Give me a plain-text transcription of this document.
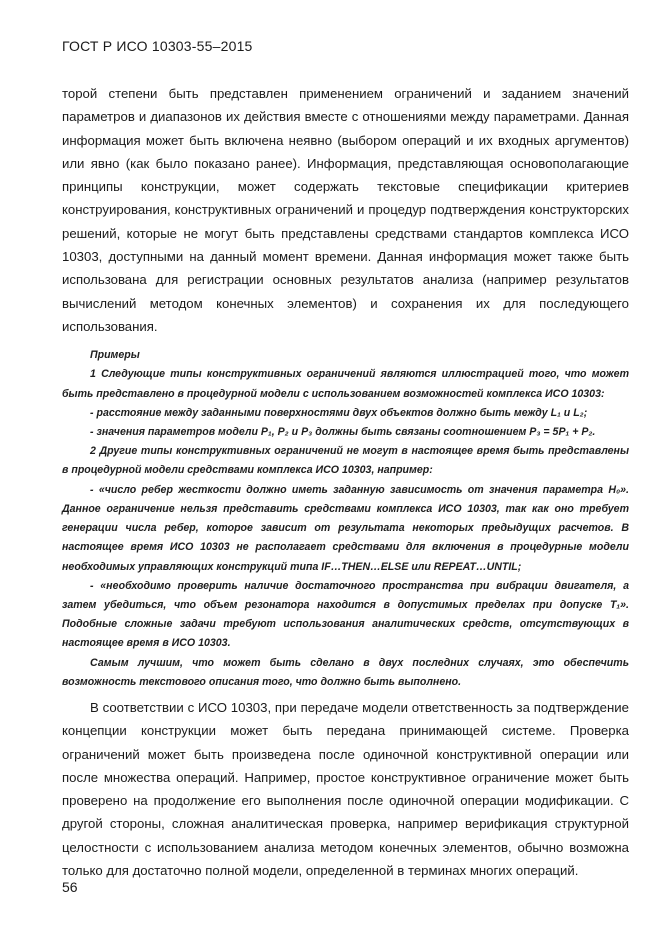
ГОСТ Р ИСО 10303-55–2015

торой степени быть представлен применением ограничений и заданием значений параметров и диапазонов их действия вместе с отношениями между параметрами. Данная информация может быть включена неявно (выбором операций и их входных аргументов) или явно (как было показано ранее). Информация, представляющая основополагающие принципы конструкции, может содержать текстовые спецификации критериев конструирования, конструктивных ограничений и процедур подтверждения конструкторских решений, которые не могут быть представлены средствами стандартов комплекса ИСО 10303, доступными на данный момент времени. Данная информация может также быть использована для регистрации основных результатов анализа (например результатов вычислений методом конечных элементов) и сохранения их для последующего использования.

Примеры

1 Следующие типы конструктивных ограничений являются иллюстрацией того, что может быть представлено в процедурной модели с использованием возможностей комплекса ИСО 10303:

- расстояние между заданными поверхностями двух объектов должно быть между L₁ и L₂;

- значения параметров модели P₁, P₂ и P₃ должны быть связаны соотношением P₃ = 5P₁ + P₂.

2 Другие типы конструктивных ограничений не могут в настоящее время быть представлены в процедурной модели средствами комплекса ИСО 10303, например:

- «число ребер жесткости должно иметь заданную зависимость от значения параметра H₀». Данное ограничение нельзя представить средствами комплекса ИСО 10303, так как оно требует генерации числа ребер, которое зависит от результата некоторых предыдущих расчетов. В настоящее время ИСО 10303 не располагает средствами для включения в процедурные модели необходимых управляющих конструкций типа IF…THEN…ELSE или REPEAT…UNTIL;

- «необходимо проверить наличие достаточного пространства при вибрации двигателя, а затем убедиться, что объем резонатора находится в допустимых пределах при допуске T₁». Подобные сложные задачи требуют использования аналитических средств, отсутствующих в настоящее время в ИСО 10303.

Самым лучшим, что может быть сделано в двух последних случаях, это обеспечить возможность текстового описания того, что должно быть выполнено.

В соответствии с ИСО 10303, при передаче модели ответственность за подтверждение концепции конструкции может быть передана принимающей системе. Проверка ограничений может быть произведена после одиночной конструктивной операции или после множества операций. Например, простое конструктивное ограничение может быть проверено на продолжение его выполнения после одиночной операции модификации. С другой стороны, сложная аналитическая проверка, например верификация структурной целостности с использованием анализа методом конечных элементов, обычно возможна только для достаточно полной модели, определенной в терминах многих операций.

56
